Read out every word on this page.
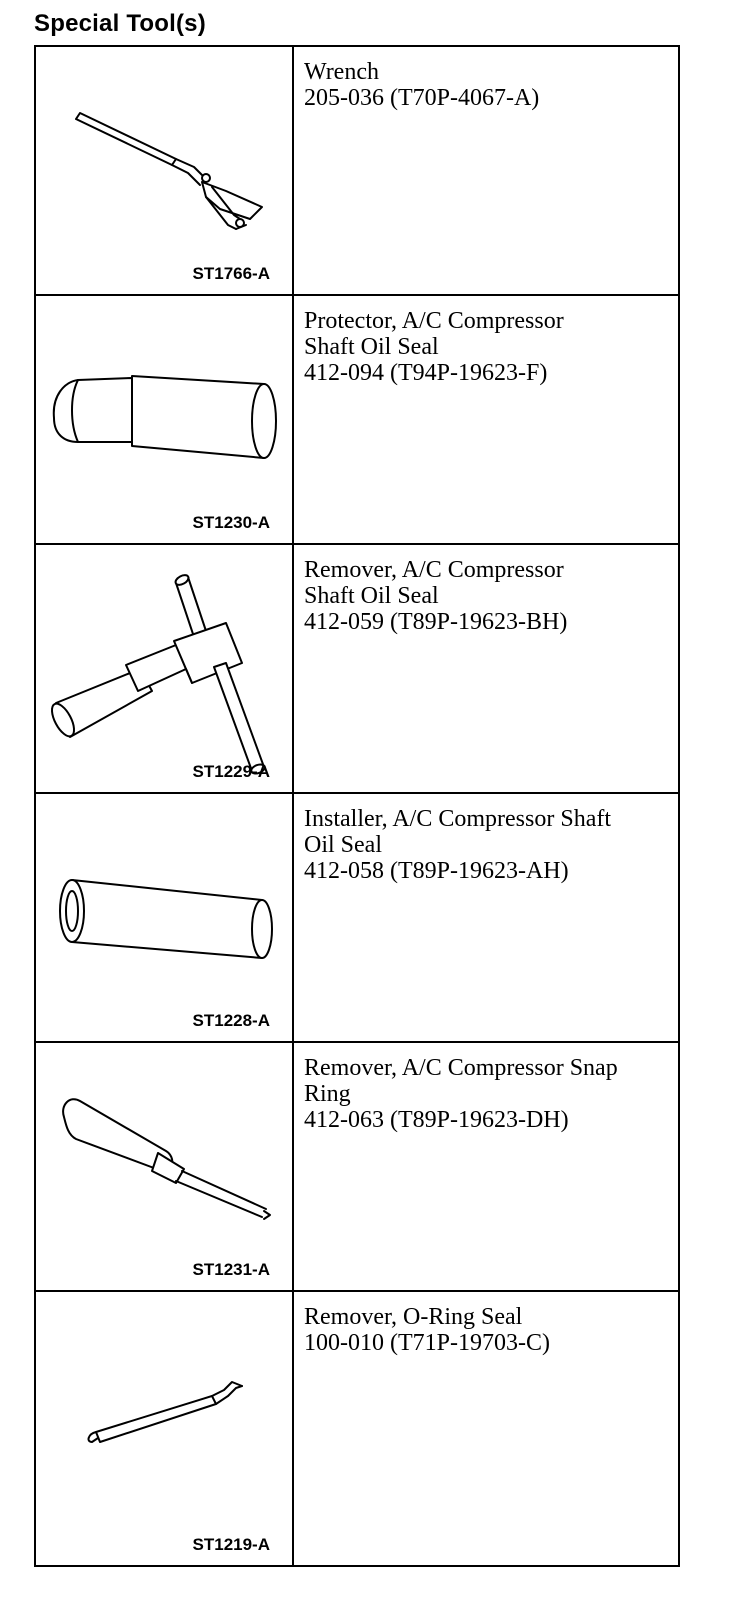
Special Tool(s)
ST1766-A	Wrench
205-036 (T70P-4067-A)

ST1230-A	Protector, A/C Compressor
Shaft Oil Seal
412-094 (T94P-19623-F)

ST1229-A	Remover, A/C Compressor
Shaft Oil Seal
412-059 (T89P-19623-BH)

ST1228-A	Installer, A/C Compressor Shaft
Oil Seal
412-058 (T89P-19623-AH)

ST1231-A	Remover, A/C Compressor Snap
Ring
412-063 (T89P-19623-DH)

ST1219-A	Remover, O-Ring Seal
100-010 (T71P-19703-C)
